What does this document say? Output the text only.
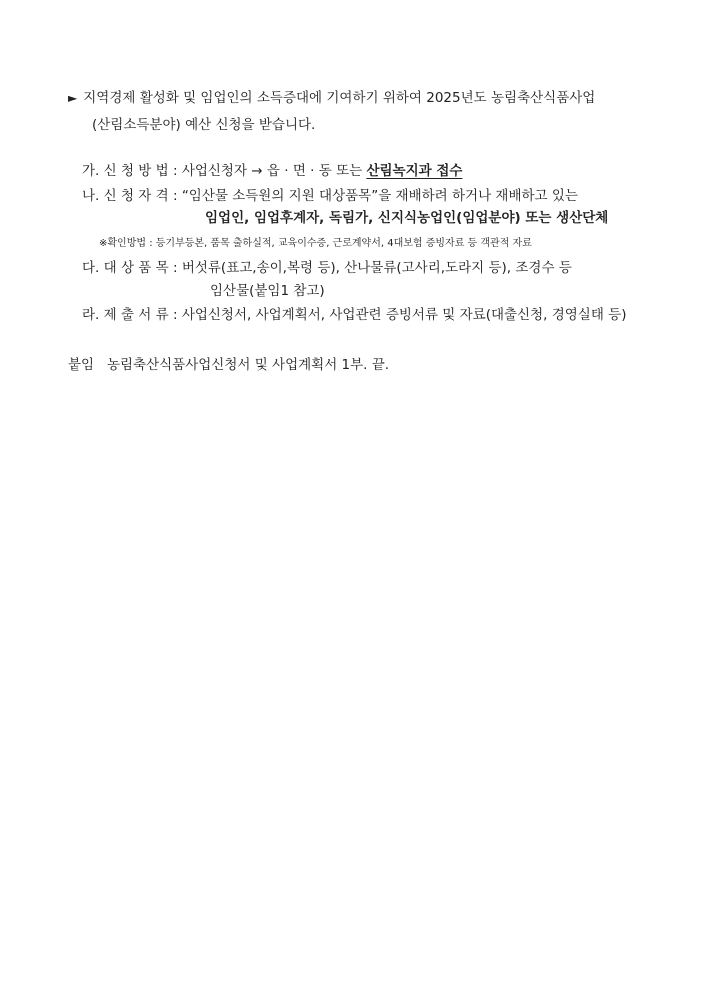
► 지역경제 활성화 및 임업인의 소득증대에 기여하기 위하여 2025년도 농림축산식품사업
(산림소득분야) 예산 신청을 받습니다.
가. 신 청 방 법 : 사업신청자 → 읍 · 면 · 동 또는 산림녹지과 접수
나. 신 청 자 격 : “임산물 소득원의 지원 대상품목”을 재배하려 하거나 재배하고 있는
임업인, 임업후계자, 독림가, 신지식농업인(임업분야) 또는 생산단체
※확인방법 : 등기부등본, 품목 출하실적, 교육이수증, 근로계약서, 4대보험 증빙자료 등 객관적 자료
다. 대 상 품 목 : 버섯류(표고,송이,복령 등), 산나물류(고사리,도라지 등), 조경수 등
임산물(붙임1 참고)
라. 제 출 서 류 : 사업신청서, 사업계획서, 사업관련 증빙서류 및 자료(대출신청, 경영실태 등)
붙임 농림축산식품사업신청서 및 사업계획서 1부. 끝.
